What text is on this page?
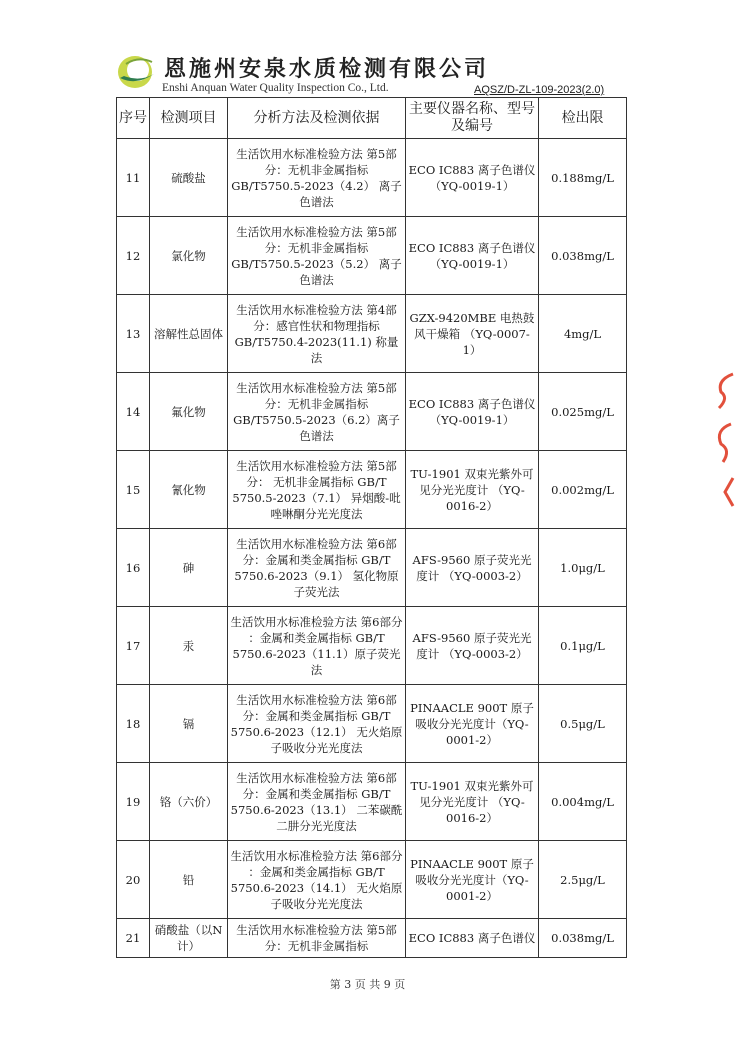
恩施州安泉水质检测有限公司
Enshi Anquan Water Quality Inspection Co., Ltd.	AQSZ/D-ZL-109-2023(2.0)
序号	检测项目	分析方法及检测依据	主要仪器名称、型号及编号	检出限
11	硫酸盐	生活饮用水标准检验方法 第5部分：无机非金属指标 GB/T5750.5-2023（4.2） 离子色谱法	ECO IC883 离子色谱仪 （YQ-0019-1）	0.188mg/L
12	氯化物	生活饮用水标准检验方法 第5部分：无机非金属指标 GB/T5750.5-2023（5.2） 离子色谱法	ECO IC883 离子色谱仪 （YQ-0019-1）	0.038mg/L
13	溶解性总固体	生活饮用水标准检验方法 第4部分：感官性状和物理指标 GB/T5750.4-2023(11.1) 称量法	GZX-9420MBE 电热鼓风干燥箱 （YQ-0007-1）	4mg/L
14	氟化物	生活饮用水标准检验方法 第5部分：无机非金属指标 GB/T5750.5-2023（6.2）离子色谱法	ECO IC883 离子色谱仪 （YQ-0019-1）	0.025mg/L
15	氰化物	生活饮用水标准检验方法 第5部分： 无机非金属指标 GB/T 5750.5-2023（7.1） 异烟酸-吡唑啉酮分光光度法	TU-1901 双束光紫外可见分光光度计 （YQ-0016-2）	0.002mg/L
16	砷	生活饮用水标准检验方法 第6部分：金属和类金属指标 GB/T 5750.6-2023（9.1） 氢化物原子荧光法	AFS-9560 原子荧光光度计 （YQ-0003-2）	1.0μg/L
17	汞	生活饮用水标准检验方法 第6部分 ：金属和类金属指标 GB/T 5750.6-2023（11.1）原子荧光法	AFS-9560 原子荧光光度计 （YQ-0003-2）	0.1μg/L
18	镉	生活饮用水标准检验方法 第6部分：金属和类金属指标 GB/T 5750.6-2023（12.1） 无火焰原子吸收分光光度法	PINAACLE 900T 原子吸收分光光度计（YQ-0001-2）	0.5μg/L
19	铬（六价）	生活饮用水标准检验方法 第6部分：金属和类金属指标 GB/T 5750.6-2023（13.1） 二苯碳酰二肼分光光度法	TU-1901 双束光紫外可见分光光度计 （YQ-0016-2）	0.004mg/L
20	铅	生活饮用水标准检验方法 第6部分 ：金属和类金属指标 GB/T 5750.6-2023（14.1） 无火焰原子吸收分光光度法	PINAACLE 900T 原子吸收分光光度计（YQ-0001-2）	2.5μg/L
21	硝酸盐（以N计）	生活饮用水标准检验方法 第5部分：无机非金属指标	ECO IC883 离子色谱仪	0.038mg/L
第 3 页 共 9 页
